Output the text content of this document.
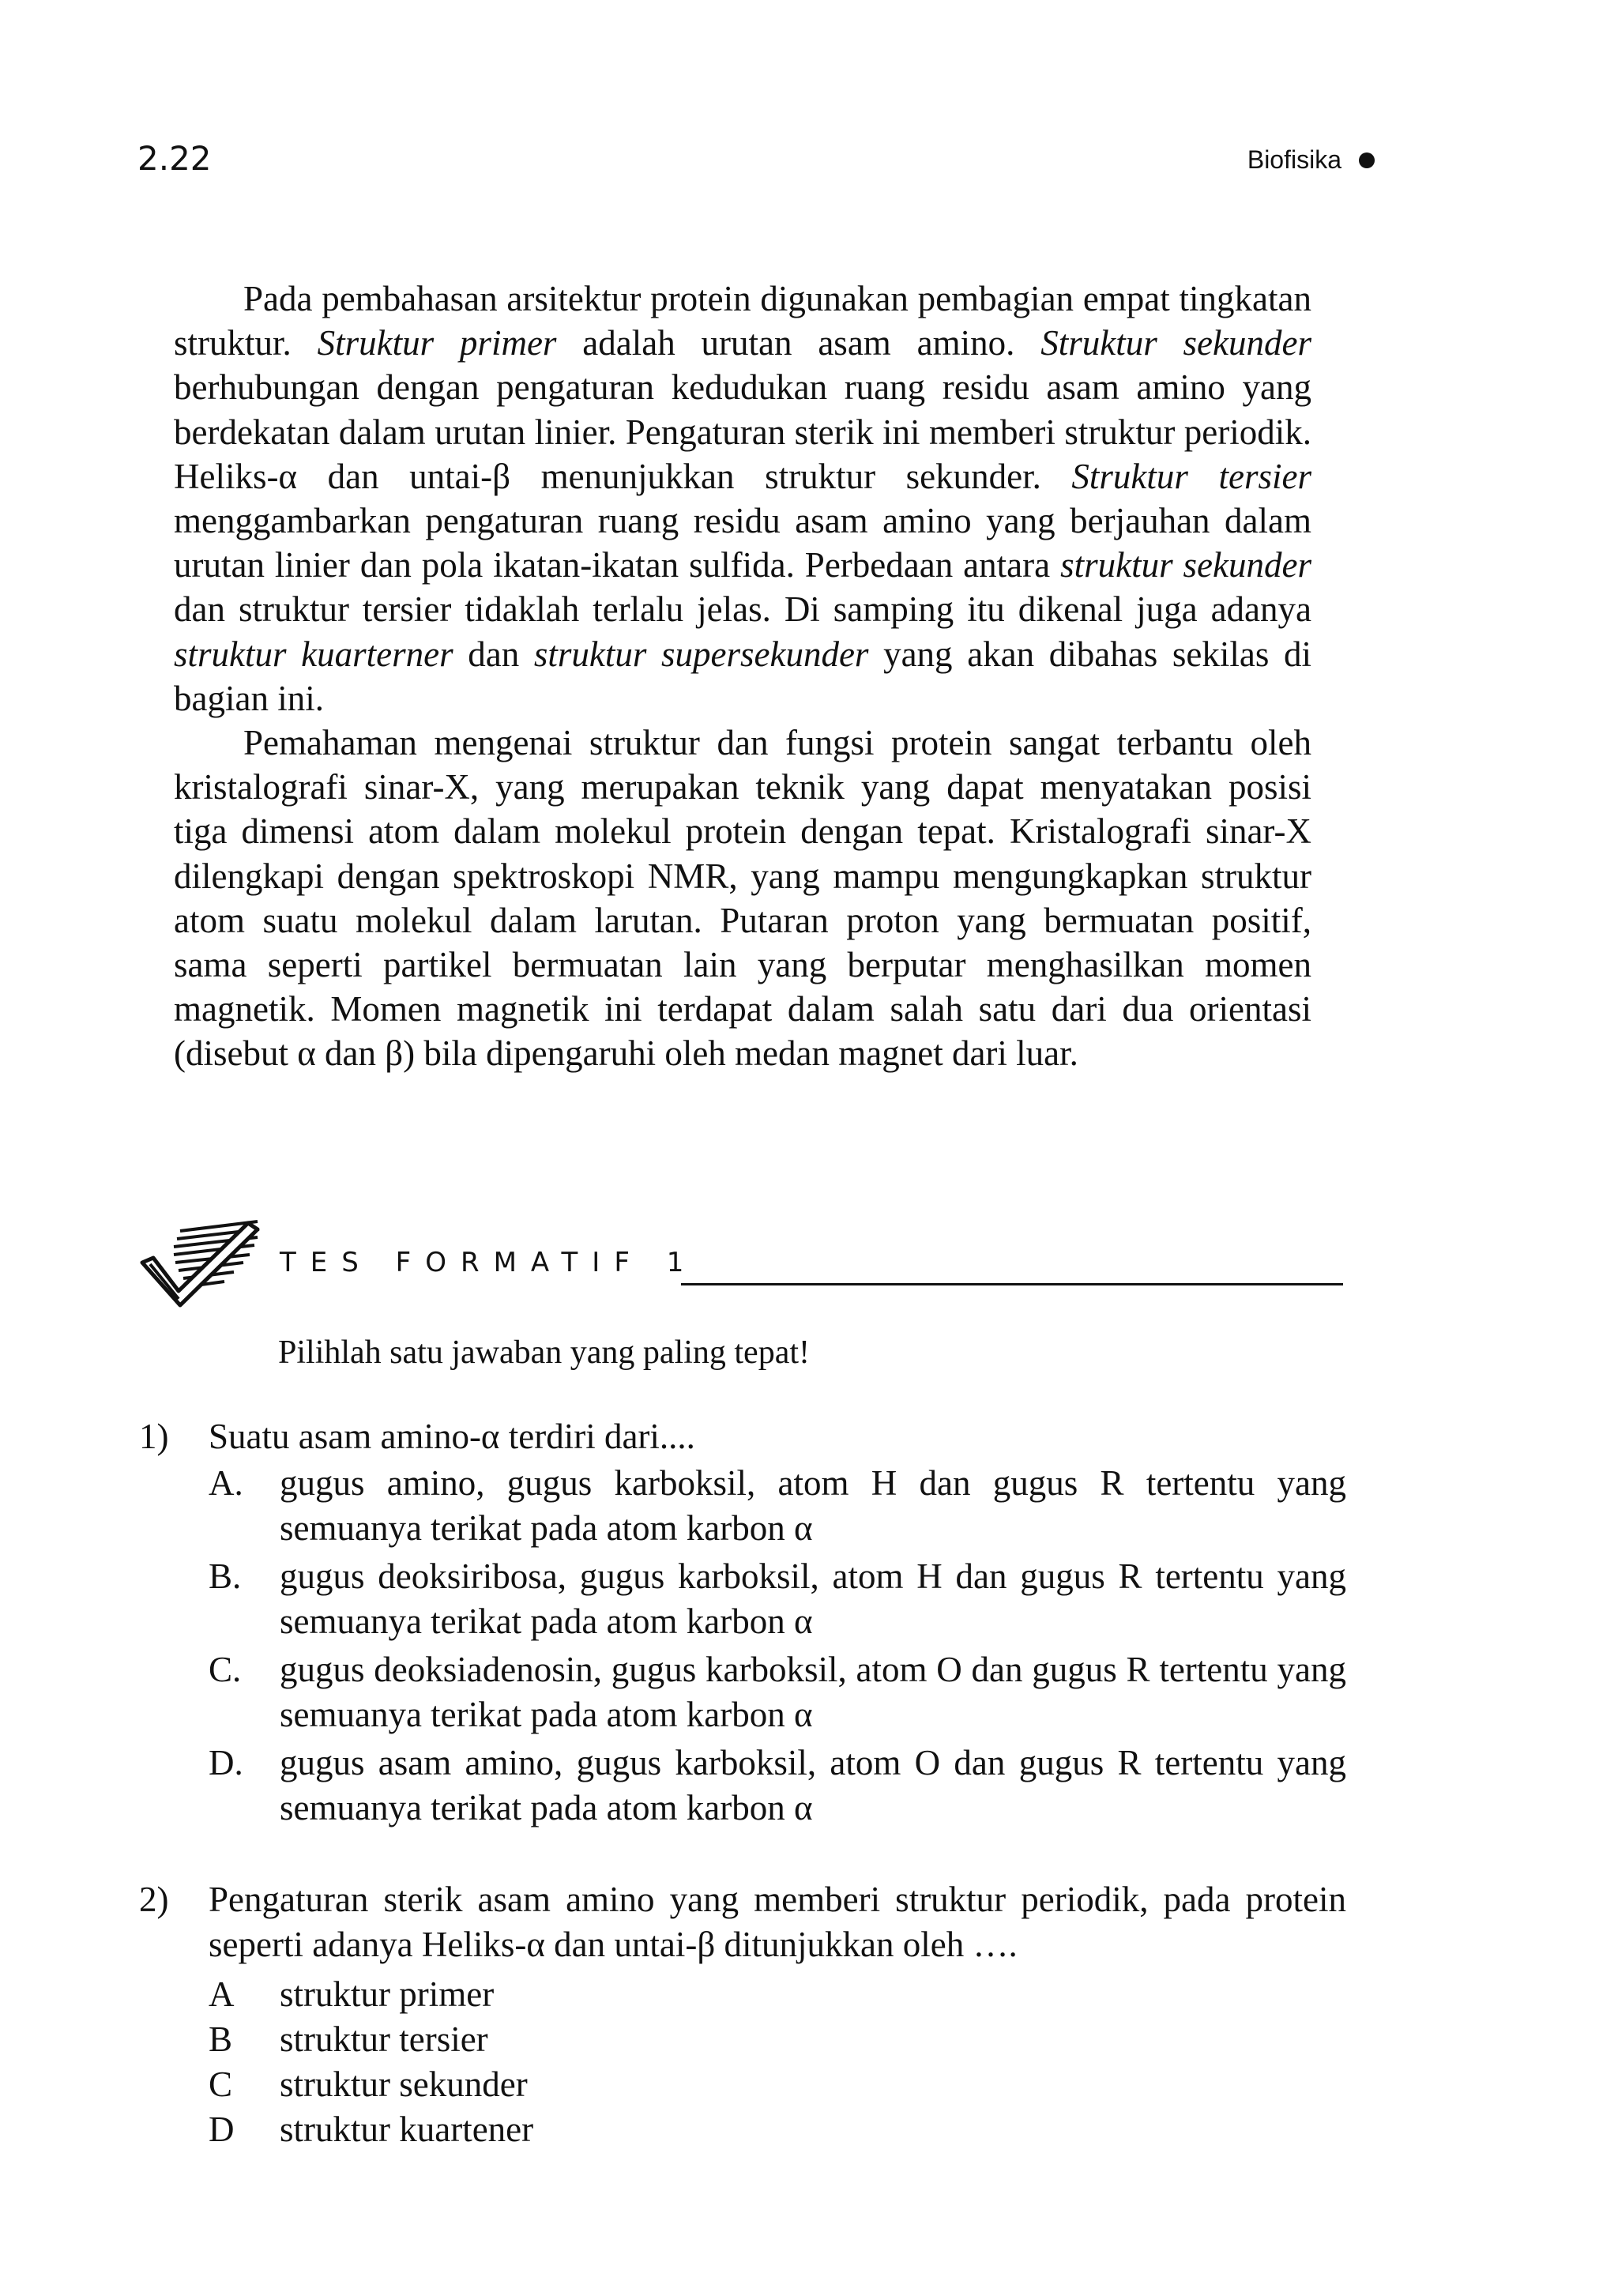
2.22	Biofisika

Pada pembahasan arsitektur protein digunakan pembagian empat tingkatan struktur. Struktur primer adalah urutan asam amino. Struktur sekunder berhubungan dengan pengaturan kedudukan ruang residu asam amino yang berdekatan dalam urutan linier. Pengaturan sterik ini memberi struktur periodik. Heliks-α dan untai-β menunjukkan struktur sekunder. Struktur tersier menggambarkan pengaturan ruang residu asam amino yang berjauhan dalam urutan linier dan pola ikatan-ikatan sulfida. Perbedaan antara struktur sekunder dan struktur tersier tidaklah terlalu jelas. Di samping itu dikenal juga adanya struktur kuarterner dan struktur supersekunder yang akan dibahas sekilas di bagian ini.

Pemahaman mengenai struktur dan fungsi protein sangat terbantu oleh kristalografi sinar-X, yang merupakan teknik yang dapat menyatakan posisi tiga dimensi atom dalam molekul protein dengan tepat. Kristalografi sinar-X dilengkapi dengan spektroskopi NMR, yang mampu mengungkapkan struktur atom suatu molekul dalam larutan. Putaran proton yang bermuatan positif, sama seperti partikel bermuatan lain yang berputar menghasilkan momen magnetik. Momen magnetik ini terdapat dalam salah satu dari dua orientasi (disebut α dan β) bila dipengaruhi oleh medan magnet dari luar.

TES FORMATIF 1
Pilihlah satu jawaban yang paling tepat!
1)	Suatu asam amino-α terdiri dari....
A.	gugus amino, gugus karboksil, atom H dan gugus R tertentu yang semuanya terikat pada atom karbon α
B.	gugus deoksiribosa, gugus karboksil, atom H dan gugus R tertentu yang semuanya terikat pada atom karbon α
C.	gugus deoksiadenosin, gugus karboksil, atom O dan gugus R tertentu yang semuanya terikat pada atom karbon α
D.	gugus asam amino, gugus karboksil, atom O dan gugus R tertentu yang semuanya terikat pada atom karbon α
2)	Pengaturan sterik asam amino yang memberi struktur periodik, pada protein seperti adanya Heliks-α dan untai-β ditunjukkan oleh ….
A	struktur primer
B	struktur tersier
C	struktur sekunder
D	struktur kuartener
